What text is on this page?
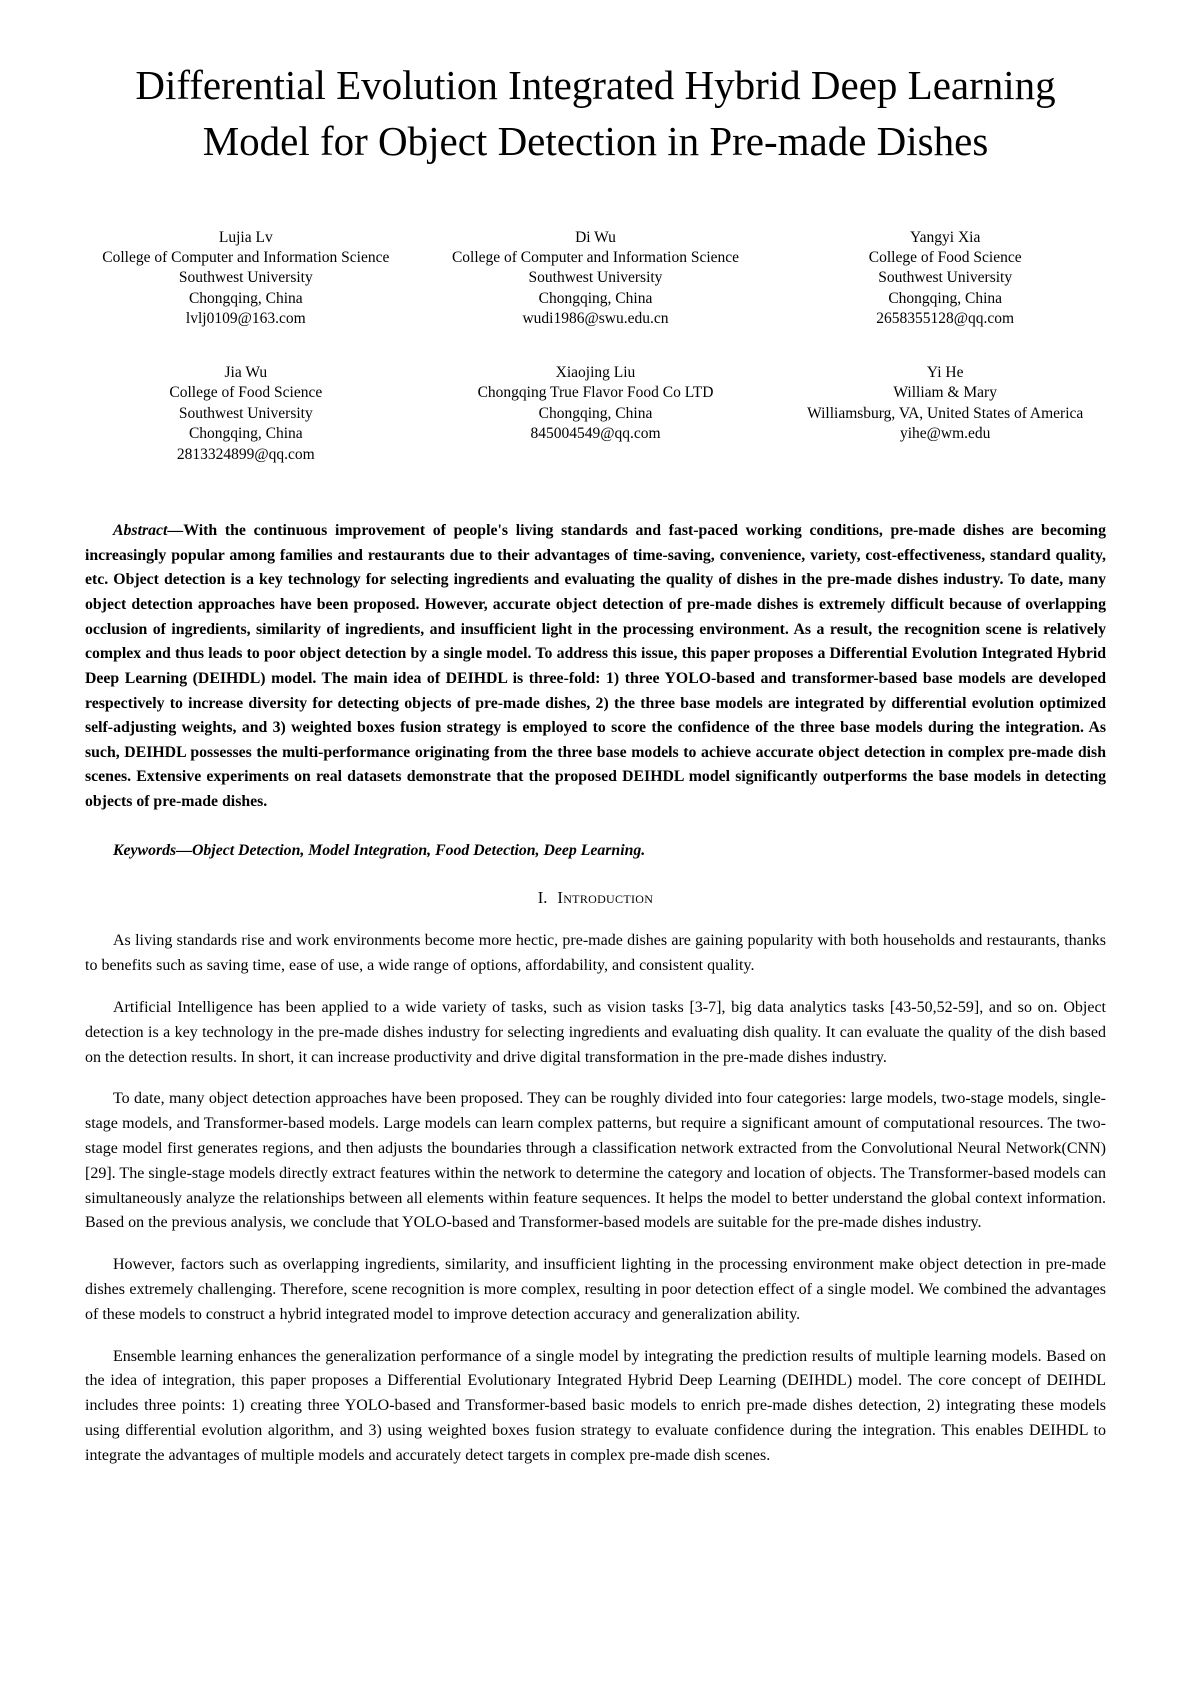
Differential Evolution Integrated Hybrid Deep Learning Model for Object Detection in Pre-made Dishes
Lujia Lv
College of Computer and Information Science
Southwest University
Chongqing, China
lvlj0109@163.com
Jia Wu
College of Food Science
Southwest University
Chongqing, China
2813324899@qq.com
Di Wu
College of Computer and Information Science
Southwest University
Chongqing, China
wudi1986@swu.edu.cn
Xiaojing Liu
Chongqing True Flavor Food Co LTD
Chongqing, China
845004549@qq.com
Yangyi Xia
College of Food Science
Southwest University
Chongqing, China
2658355128@qq.com
Yi He
William & Mary
Williamsburg, VA, United States of America
yihe@wm.edu

Abstract—With the continuous improvement of people's living standards and fast-paced working conditions, pre-made dishes are becoming increasingly popular among families and restaurants due to their advantages of time-saving, convenience, variety, cost-effectiveness, standard quality, etc. Object detection is a key technology for selecting ingredients and evaluating the quality of dishes in the pre-made dishes industry. To date, many object detection approaches have been proposed. However, accurate object detection of pre-made dishes is extremely difficult because of overlapping occlusion of ingredients, similarity of ingredients, and insufficient light in the processing environment. As a result, the recognition scene is relatively complex and thus leads to poor object detection by a single model. To address this issue, this paper proposes a Differential Evolution Integrated Hybrid Deep Learning (DEIHDL) model. The main idea of DEIHDL is three-fold: 1) three YOLO-based and transformer-based base models are developed respectively to increase diversity for detecting objects of pre-made dishes, 2) the three base models are integrated by differential evolution optimized self-adjusting weights, and 3) weighted boxes fusion strategy is employed to score the confidence of the three base models during the integration. As such, DEIHDL possesses the multi-performance originating from the three base models to achieve accurate object detection in complex pre-made dish scenes. Extensive experiments on real datasets demonstrate that the proposed DEIHDL model significantly outperforms the base models in detecting objects of pre-made dishes.

Keywords—Object Detection, Model Integration, Food Detection, Deep Learning.

I. Introduction

As living standards rise and work environments become more hectic, pre-made dishes are gaining popularity with both households and restaurants, thanks to benefits such as saving time, ease of use, a wide range of options, affordability, and consistent quality.

Artificial Intelligence has been applied to a wide variety of tasks, such as vision tasks [3-7], big data analytics tasks [43-50,52-59], and so on. Object detection is a key technology in the pre-made dishes industry for selecting ingredients and evaluating dish quality. It can evaluate the quality of the dish based on the detection results. In short, it can increase productivity and drive digital transformation in the pre-made dishes industry.

To date, many object detection approaches have been proposed. They can be roughly divided into four categories: large models, two-stage models, single-stage models, and Transformer-based models. Large models can learn complex patterns, but require a significant amount of computational resources. The two-stage model first generates regions, and then adjusts the boundaries through a classification network extracted from the Convolutional Neural Network(CNN) [29]. The single-stage models directly extract features within the network to determine the category and location of objects. The Transformer-based models can simultaneously analyze the relationships between all elements within feature sequences. It helps the model to better understand the global context information. Based on the previous analysis, we conclude that YOLO-based and Transformer-based models are suitable for the pre-made dishes industry.

However, factors such as overlapping ingredients, similarity, and insufficient lighting in the processing environment make object detection in pre-made dishes extremely challenging. Therefore, scene recognition is more complex, resulting in poor detection effect of a single model. We combined the advantages of these models to construct a hybrid integrated model to improve detection accuracy and generalization ability.

Ensemble learning enhances the generalization performance of a single model by integrating the prediction results of multiple learning models. Based on the idea of integration, this paper proposes a Differential Evolutionary Integrated Hybrid Deep Learning (DEIHDL) model. The core concept of DEIHDL includes three points: 1) creating three YOLO-based and Transformer-based basic models to enrich pre-made dishes detection, 2) integrating these models using differential evolution algorithm, and 3) using weighted boxes fusion strategy to evaluate confidence during the integration. This enables DEIHDL to integrate the advantages of multiple models and accurately detect targets in complex pre-made dish scenes.
